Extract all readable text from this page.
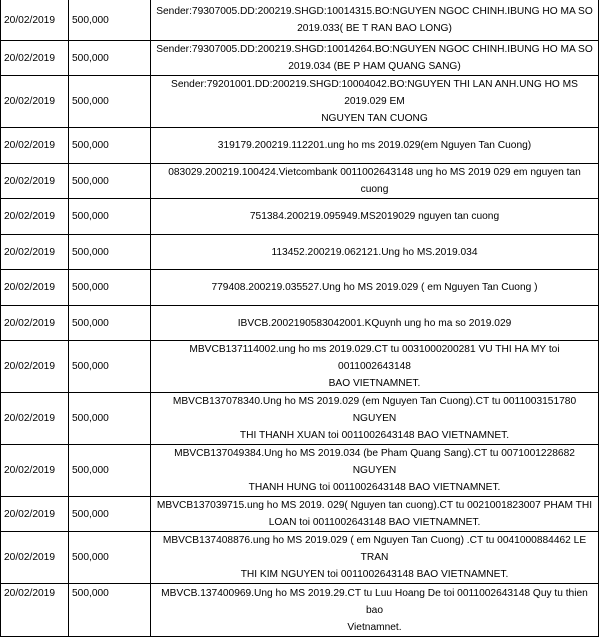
20/02/2019	500,000	Sender:79307005.DD:200219.SHGD:10014315.BO:NGUYEN NGOC CHINH.IBUNG HO MA SO
2019.033( BE T RAN BAO LONG)

20/02/2019	500,000	Sender:79307005.DD:200219.SHGD:10014264.BO:NGUYEN NGOC CHINH.IBUNG HO MA SO
2019.034 (BE P HAM QUANG SANG)

20/02/2019	500,000	Sender:79201001.DD:200219.SHGD:10004042.BO:NGUYEN THI LAN ANH.UNG HO MS 2019.029 EM
NGUYEN TAN CUONG

20/02/2019	500,000	319179.200219.112201.ung ho ms 2019.029(em Nguyen Tan Cuong)

20/02/2019	500,000	083029.200219.100424.Vietcombank 0011002643148 ung ho MS 2019 029 em nguyen tan cuong

20/02/2019	500,000	751384.200219.095949.MS2019029 nguyen tan cuong

20/02/2019	500,000	113452.200219.062121.Ung ho MS.2019.034

20/02/2019	500,000	779408.200219.035527.Ung ho MS 2019.029 ( em Nguyen Tan Cuong )

20/02/2019	500,000	IBVCB.2002190583042001.KQuynh ung ho ma so 2019.029

20/02/2019	500,000	MBVCB137114002.ung ho ms 2019.029.CT tu 0031000200281 VU THI HA MY toi 0011002643148
BAO VIETNAMNET.

20/02/2019	500,000	MBVCB137078340.Ung ho MS 2019.029 (em Nguyen Tan Cuong).CT tu 0011003151780 NGUYEN
THI THANH XUAN toi 0011002643148 BAO VIETNAMNET.

20/02/2019	500,000	MBVCB137049384.Ung ho MS 2019.034 (be Pham Quang Sang).CT tu 0071001228682 NGUYEN
THANH HUNG toi 0011002643148 BAO VIETNAMNET.

20/02/2019	500,000	MBVCB137039715.ung ho MS 2019. 029( Nguyen tan cuong).CT tu 0021001823007 PHAM THI
LOAN toi 0011002643148 BAO VIETNAMNET.

20/02/2019	500,000	MBVCB137408876.ung ho MS 2019.029 ( em Nguyen Tan Cuong) .CT tu 0041000884462 LE TRAN
THI KIM NGUYEN toi 0011002643148 BAO VIETNAMNET.

20/02/2019	500,000	MBVCB.137400969.Ung ho MS 2019.29.CT tu Luu Hoang De toi 0011002643148 Quy tu thien bao
Vietnamnet.
